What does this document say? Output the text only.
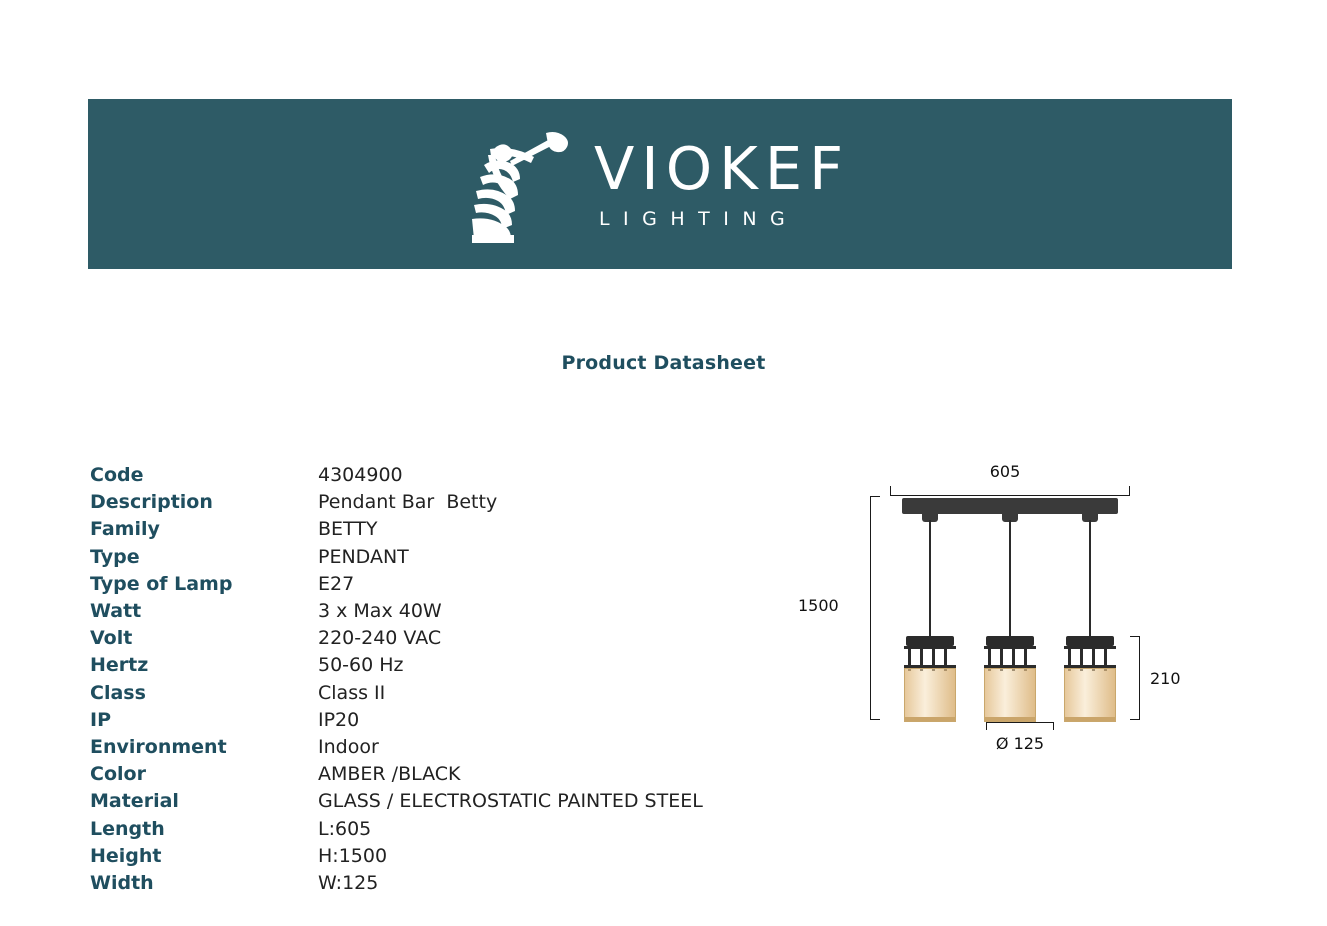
VIOKEF
LIGHTING
Product Datasheet
Code	4304900
Description	Pendant Bar  Betty
Family	BETTY
Type	PENDANT
Type of Lamp	E27
Watt	3 x Max 40W
Volt	220-240 VAC
Hertz	50-60 Hz
Class	Class II
IP	IP20
Environment	Indoor
Color	AMBER /BLACK
Material	GLASS / ELECTROSTATIC PAINTED STEEL
Length	L:605
Height	H:1500
Width	W:125
605
1500
210
Ø 125
